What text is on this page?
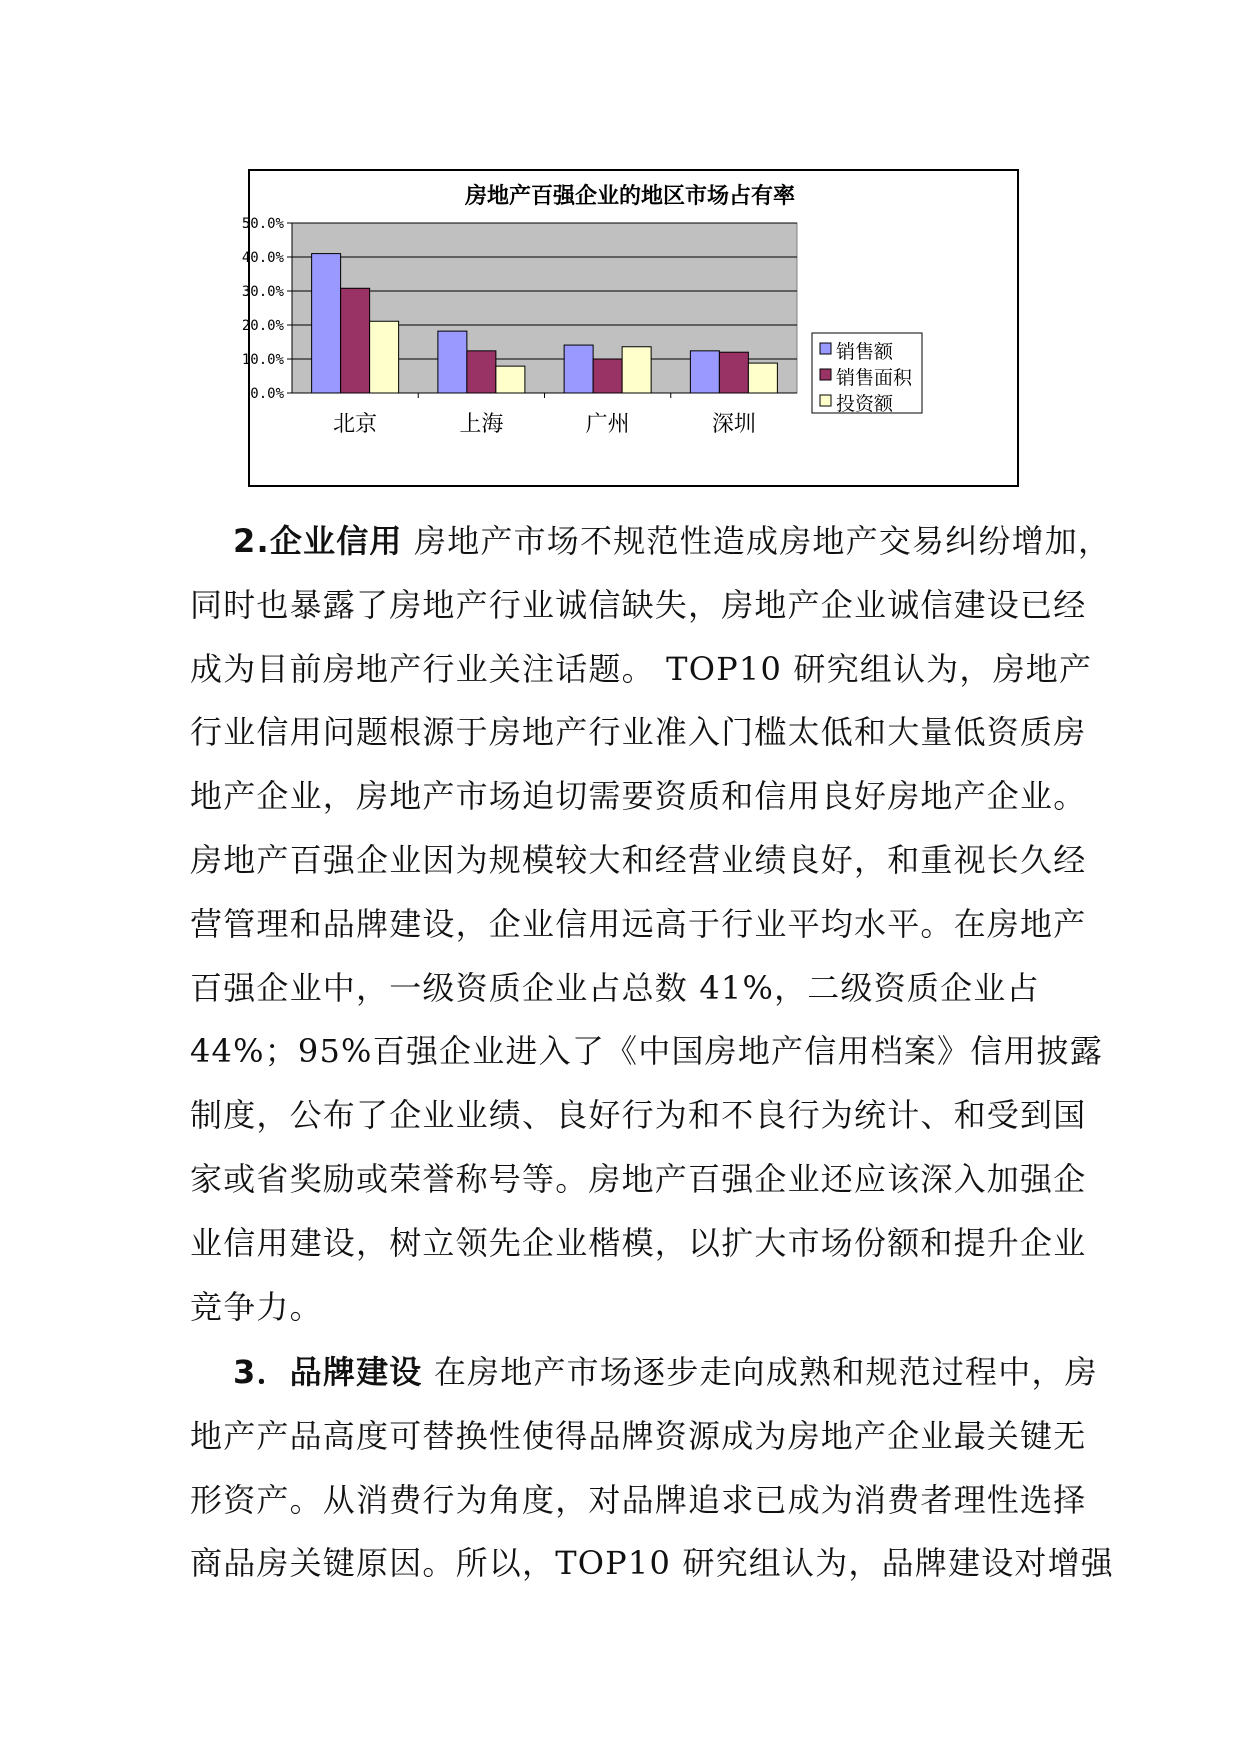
房地产百强企业的地区市场占有率
50.0%
40.0%
30.0%
20.0%
10.0%
0.0%
北京	上海	广州	深圳
销售额
销售面积
投资额

2.企业信用 房地产市场不规范性造成房地产交易纠纷增加，
同时也暴露了房地产行业诚信缺失，房地产企业诚信建设已经
成为目前房地产行业关注话题。 TOP10 研究组认为，房地产
行业信用问题根源于房地产行业准入门槛太低和大量低资质房
地产企业，房地产市场迫切需要资质和信用良好房地产企业。
房地产百强企业因为规模较大和经营业绩良好，和重视长久经
营管理和品牌建设，企业信用远高于行业平均水平。在房地产
百强企业中，一级资质企业占总数 41%，二级资质企业占
44%；95%百强企业进入了《中国房地产信用档案》信用披露
制度，公布了企业业绩、良好行为和不良行为统计、和受到国
家或省奖励或荣誉称号等。房地产百强企业还应该深入加强企
业信用建设，树立领先企业楷模，以扩大市场份额和提升企业
竞争力。

3．品牌建设 在房地产市场逐步走向成熟和规范过程中，房
地产产品高度可替换性使得品牌资源成为房地产企业最关键无
形资产。从消费行为角度，对品牌追求已成为消费者理性选择
商品房关键原因。所以，TOP10 研究组认为，品牌建设对增强
